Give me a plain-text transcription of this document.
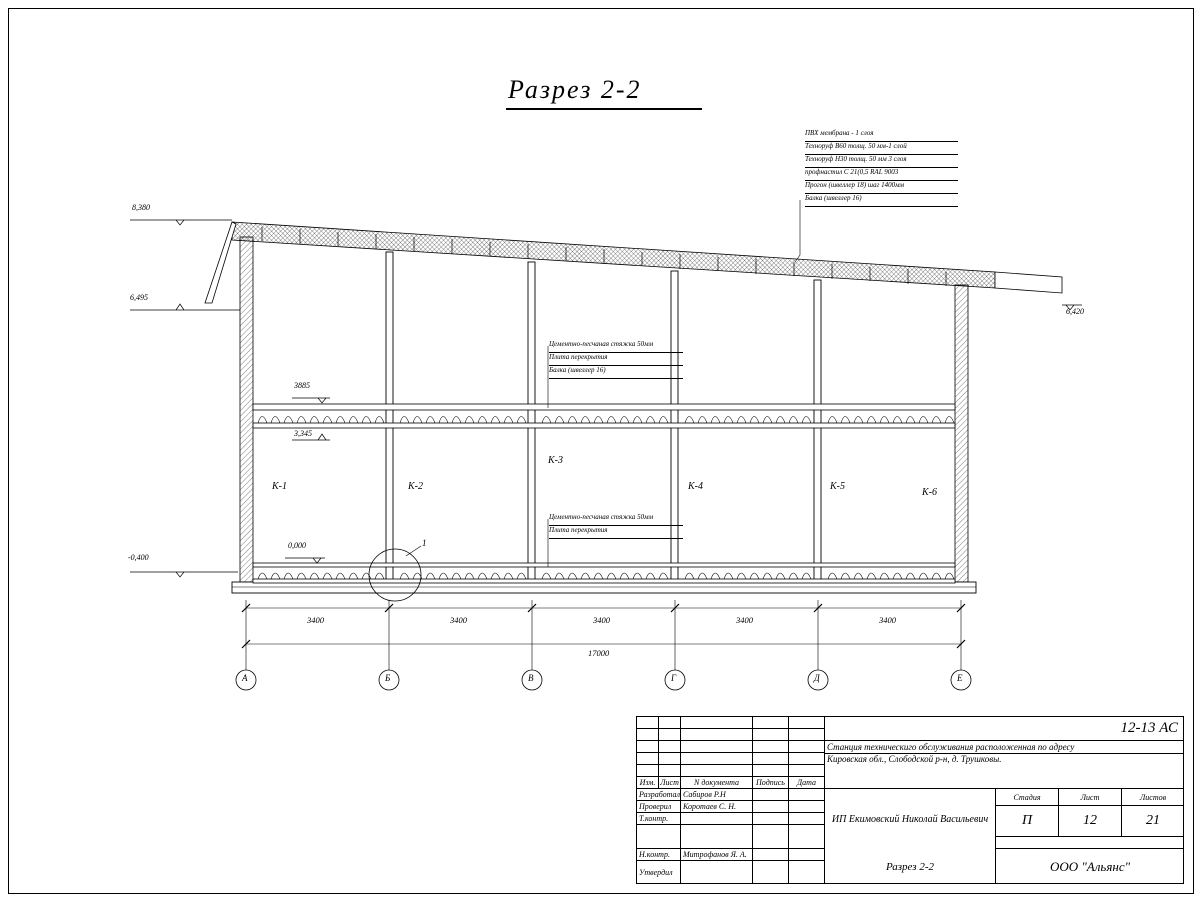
Разрез 2-2
8,380
6,495
6,420
3885
3,345
0,000
-0,400
ПВХ мембрана - 1 слоя
Техноруф В60 толщ. 50 мм-1 слой
Техноруф Н30 толщ. 50 мм 3 слоя
профнастил С 21(0,5 RAL 9003
Прогон (швеллер 18) шаг 1400мм
Балка (швеллер 16)
Цементно-песчаная стяжка 50мм
Плита перекрытия
Балка (швеллер 16)
Цементно-песчаная стяжка 50мм
Плита перекрытия
К-1	К-2
К-3
К-4	К-5
К-6
1
3400	3400	3400	3400	3400
17000
А	Б	В	Г	Д	Е
Изм. Лист	N документа	Подпись	Дата
Разработал Сабиров Р.Н
Проверил	Коротаев С. Н.
Т.контр.
Н.контр.	Митрофанов Я. А.
Утвердил
12-13 АС
Станция техническиго обслуживания расположенная по адресу
Кировская обл., Слободской р-н, д. Трушковы.
ИП Екимовский Николай Васильевич
Стадия	Лист	Листов
П	12	21
Разрез 2-2	ООО "Альянс"
